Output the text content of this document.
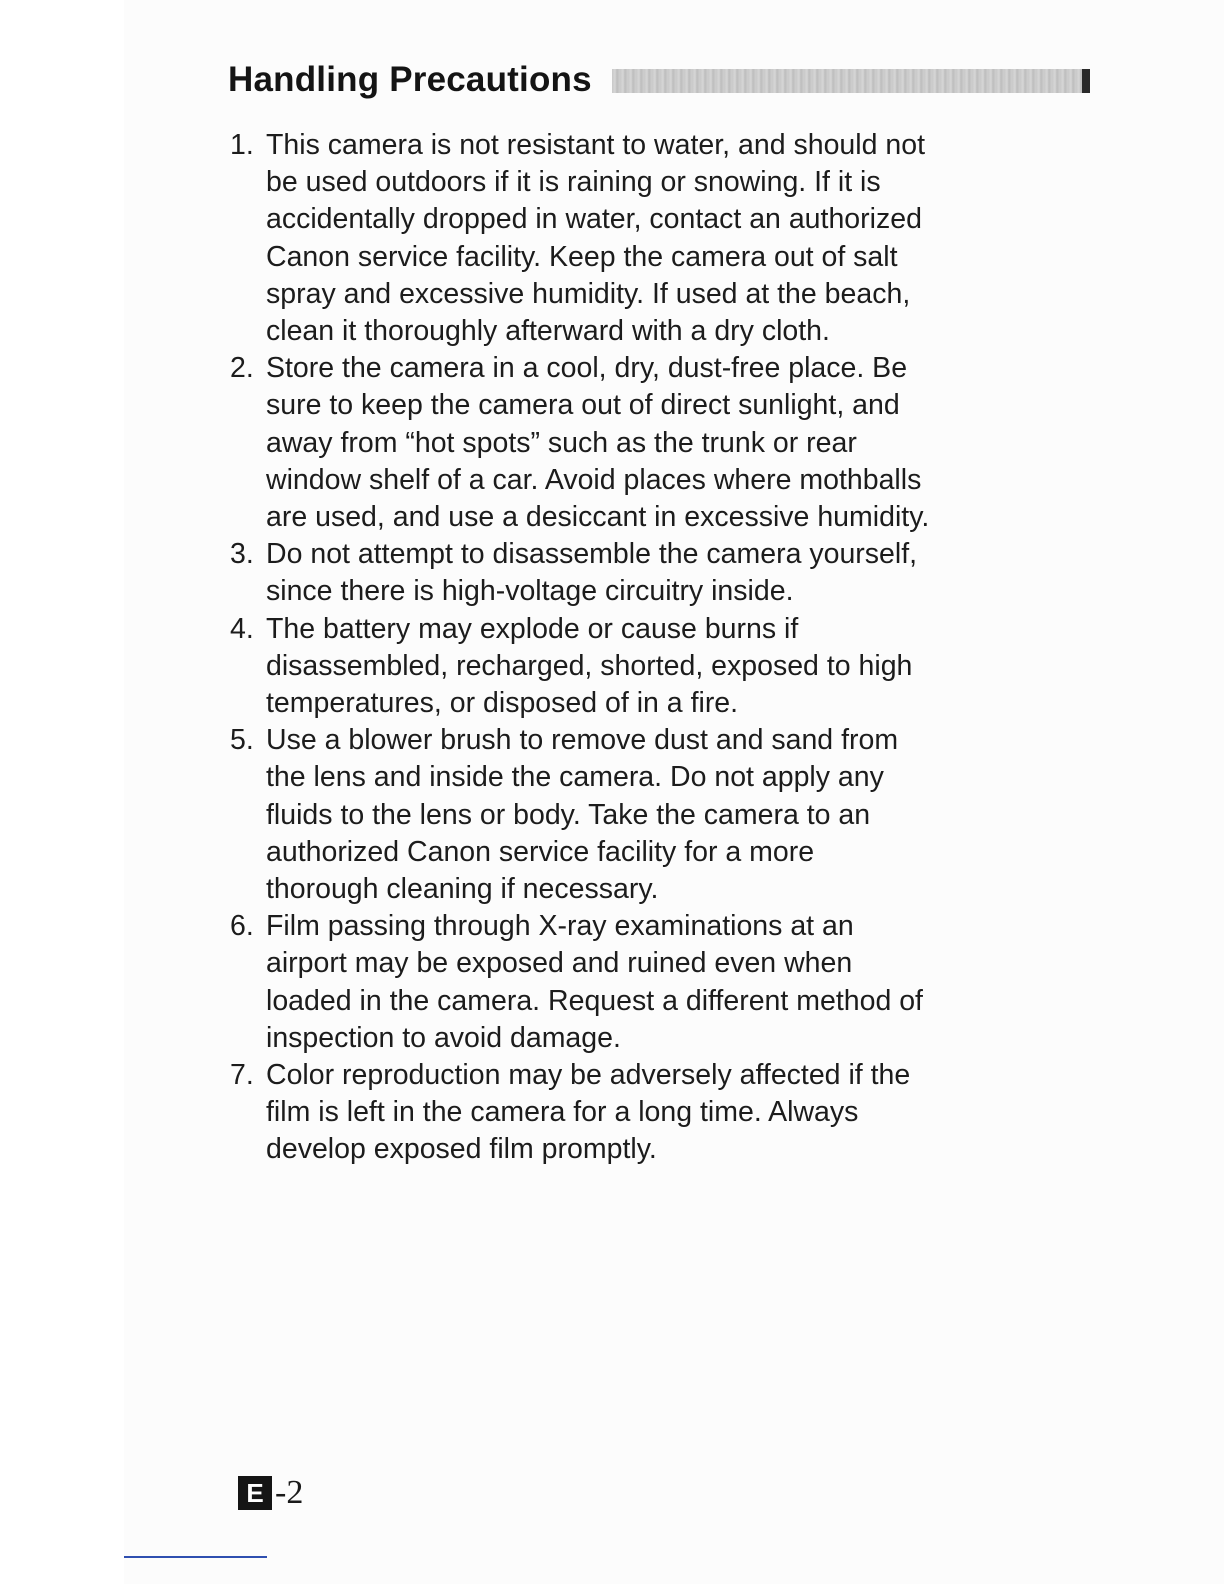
Handling Precautions
1. This camera is not resistant to water, and should not
be used outdoors if it is raining or snowing. If it is
accidentally dropped in water, contact an authorized
Canon service facility. Keep the camera out of salt
spray and excessive humidity. If used at the beach,
clean it thoroughly afterward with a dry cloth.
2. Store the camera in a cool, dry, dust-free place. Be
sure to keep the camera out of direct sunlight, and
away from “hot spots” such as the trunk or rear
window shelf of a car. Avoid places where mothballs
are used, and use a desiccant in excessive humidity.
3. Do not attempt to disassemble the camera yourself,
since there is high-voltage circuitry inside.
4. The battery may explode or cause burns if
disassembled, recharged, shorted, exposed to high
temperatures, or disposed of in a fire.
5. Use a blower brush to remove dust and sand from
the lens and inside the camera. Do not apply any
fluids to the lens or body. Take the camera to an
authorized Canon service facility for a more
thorough cleaning if necessary.
6. Film passing through X-ray examinations at an
airport may be exposed and ruined even when
loaded in the camera. Request a different method of
inspection to avoid damage.
7. Color reproduction may be adversely affected if the
film is left in the camera for a long time. Always
develop exposed film promptly.
E -2
